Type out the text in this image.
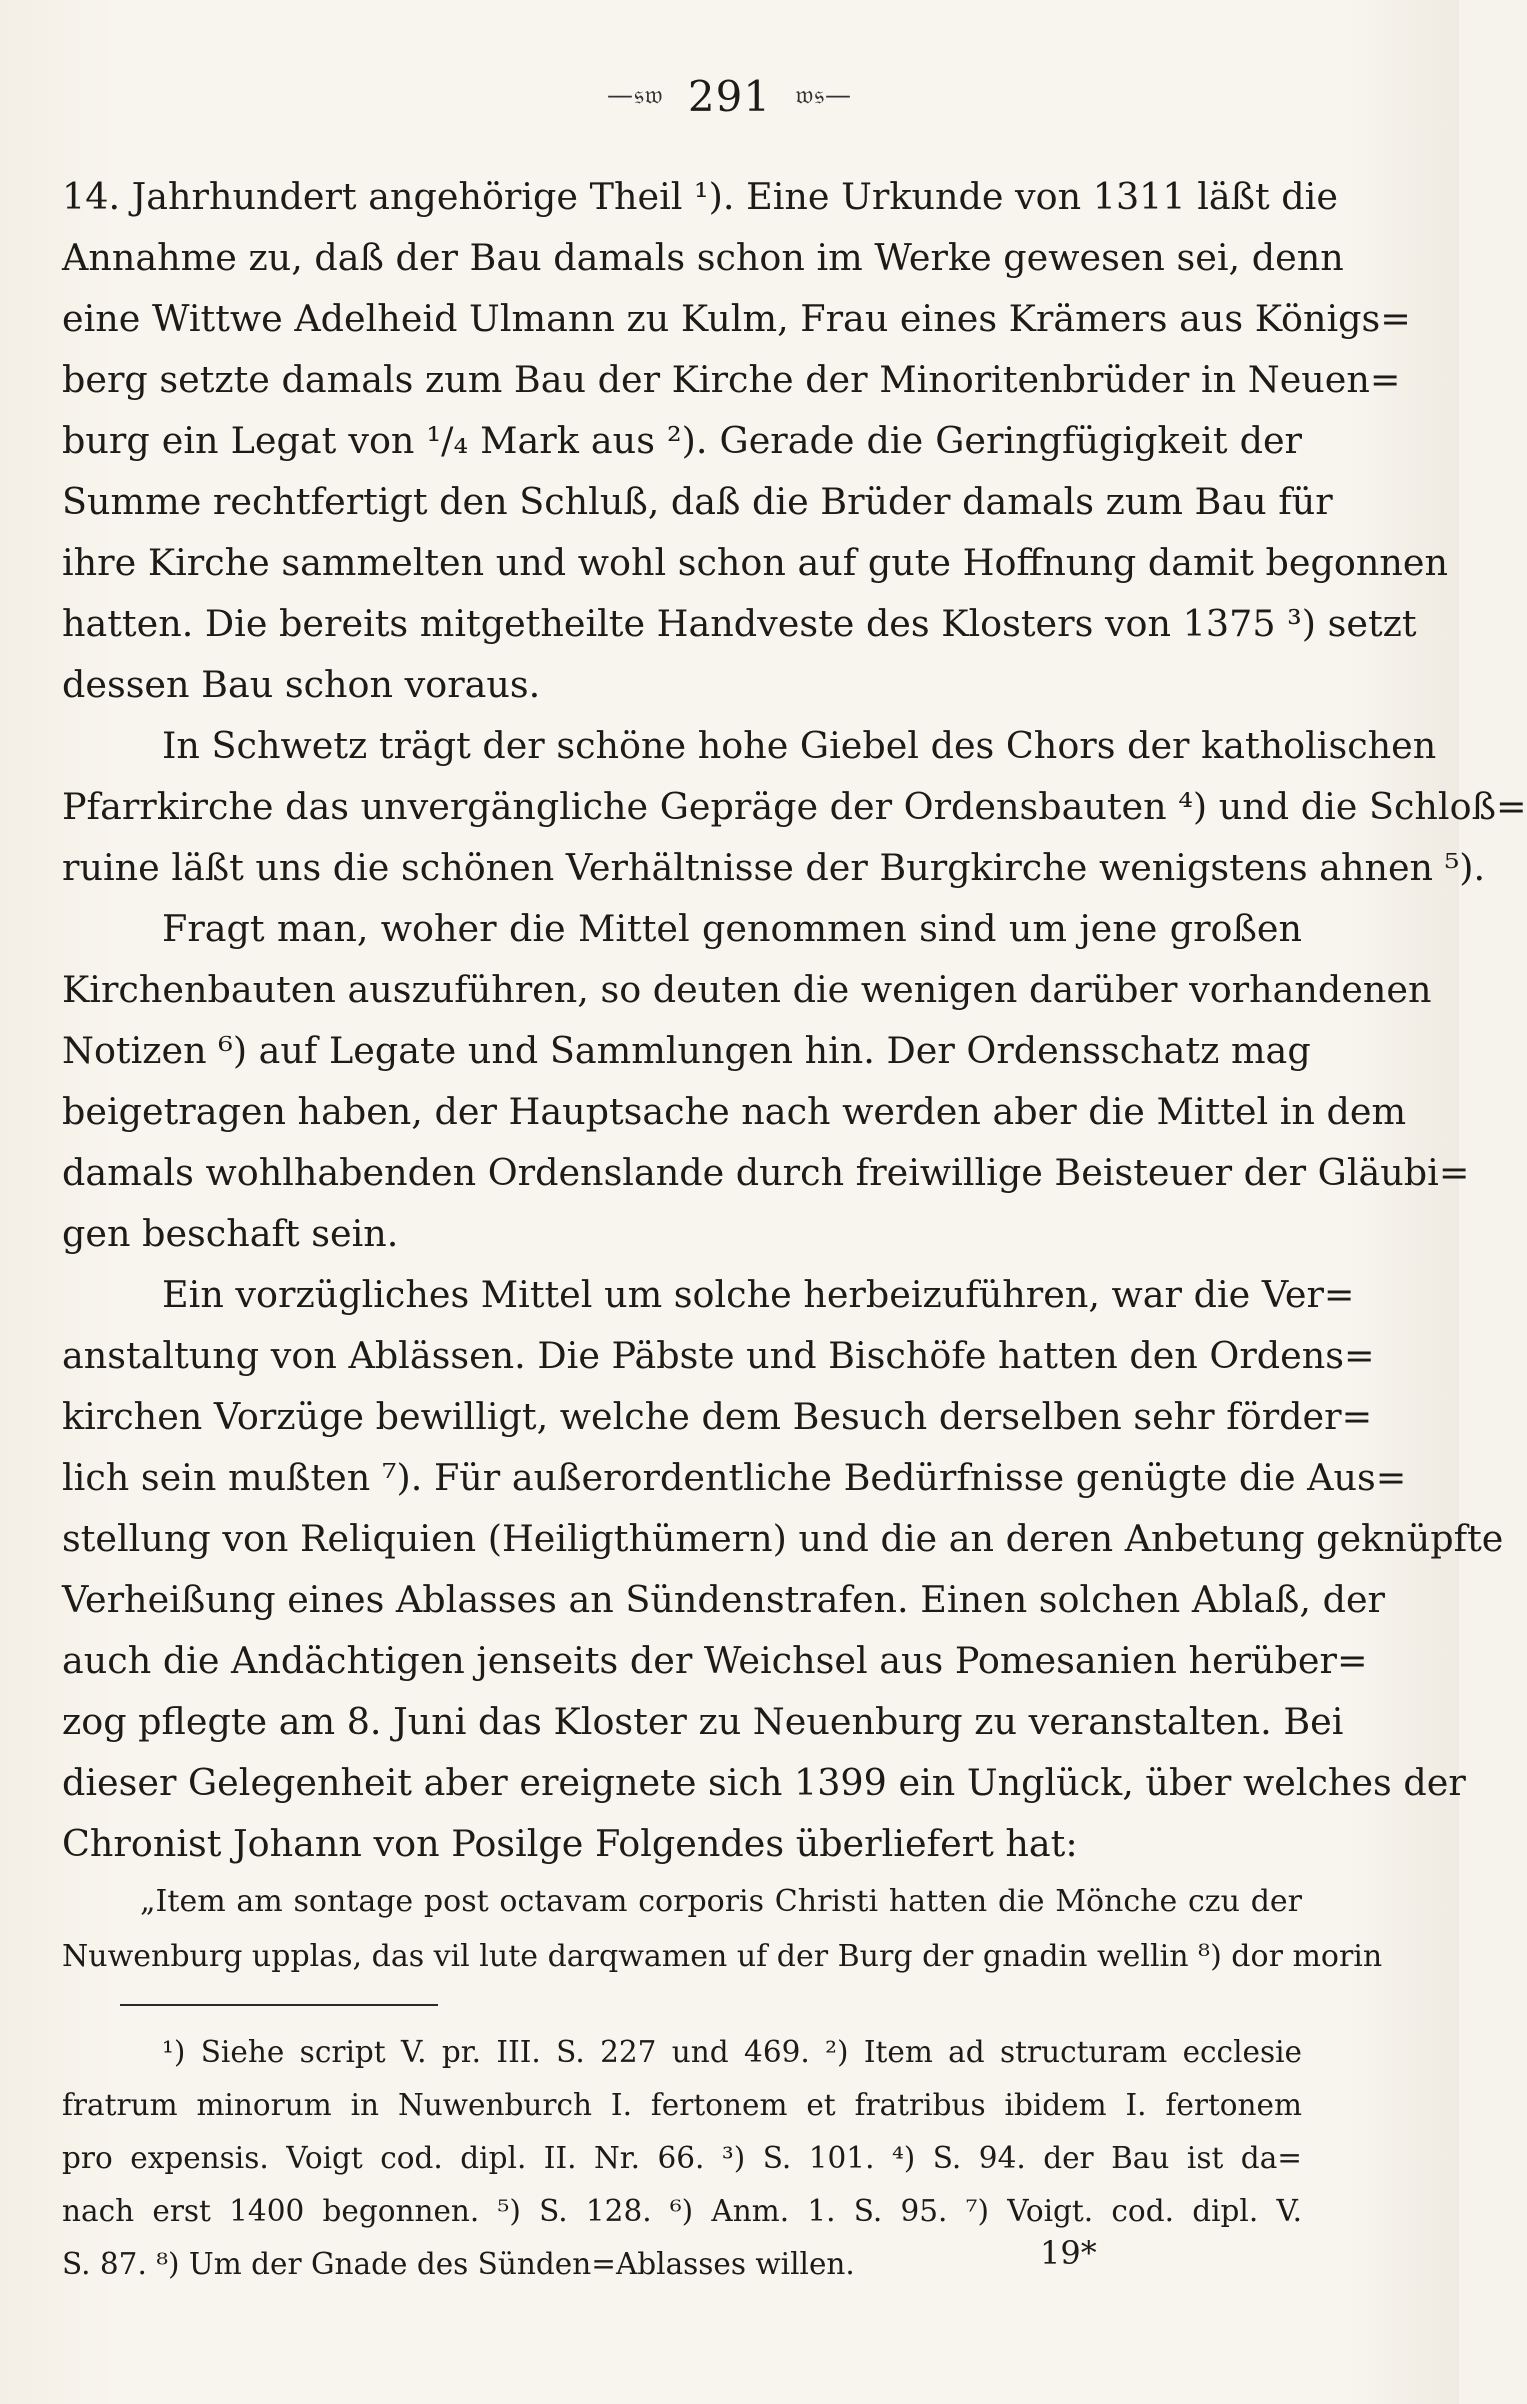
—𝔰𝔴 291 𝔴𝔰—
14. Jahrhundert angehörige Theil ¹). Eine Urkunde von 1311 läßt die
Annahme zu, daß der Bau damals schon im Werke gewesen sei, denn
eine Wittwe Adelheid Ulmann zu Kulm, Frau eines Krämers aus Königs=
berg setzte damals zum Bau der Kirche der Minoritenbrüder in Neuen=
burg ein Legat von ¹/₄ Mark aus ²). Gerade die Geringfügigkeit der
Summe rechtfertigt den Schluß, daß die Brüder damals zum Bau für
ihre Kirche sammelten und wohl schon auf gute Hoffnung damit begonnen
hatten. Die bereits mitgetheilte Handveste des Klosters von 1375 ³) setzt
dessen Bau schon voraus.
In Schwetz trägt der schöne hohe Giebel des Chors der katholischen
Pfarrkirche das unvergängliche Gepräge der Ordensbauten ⁴) und die Schloß=
ruine läßt uns die schönen Verhältnisse der Burgkirche wenigstens ahnen ⁵).
Fragt man, woher die Mittel genommen sind um jene großen
Kirchenbauten auszuführen, so deuten die wenigen darüber vorhandenen
Notizen ⁶) auf Legate und Sammlungen hin. Der Ordensschatz mag
beigetragen haben, der Hauptsache nach werden aber die Mittel in dem
damals wohlhabenden Ordenslande durch freiwillige Beisteuer der Gläubi=
gen beschaft sein.
Ein vorzügliches Mittel um solche herbeizuführen, war die Ver=
anstaltung von Ablässen. Die Päbste und Bischöfe hatten den Ordens=
kirchen Vorzüge bewilligt, welche dem Besuch derselben sehr förder=
lich sein mußten ⁷). Für außerordentliche Bedürfnisse genügte die Aus=
stellung von Reliquien (Heiligthümern) und die an deren Anbetung geknüpfte
Verheißung eines Ablasses an Sündenstrafen. Einen solchen Ablaß, der
auch die Andächtigen jenseits der Weichsel aus Pomesanien herüber=
zog pflegte am 8. Juni das Kloster zu Neuenburg zu veranstalten. Bei
dieser Gelegenheit aber ereignete sich 1399 ein Unglück, über welches der
Chronist Johann von Posilge Folgendes überliefert hat:
„Item am sontage post octavam corporis Christi hatten die Mönche czu der
Nuwenburg upplas, das vil lute darqwamen uf der Burg der gnadin wellin ⁸) dor morin
¹) Siehe script V. pr. III. S. 227 und 469. ²) Item ad structuram ecclesie
fratrum minorum in Nuwenburch I. fertonem et fratribus ibidem I. fertonem
pro expensis. Voigt cod. dipl. II. Nr. 66. ³) S. 101. ⁴) S. 94. der Bau ist da=
nach erst 1400 begonnen. ⁵) S. 128. ⁶) Anm. 1. S. 95. ⁷) Voigt. cod. dipl. V.
S. 87. ⁸) Um der Gnade des Sünden=Ablasses willen.	19*
